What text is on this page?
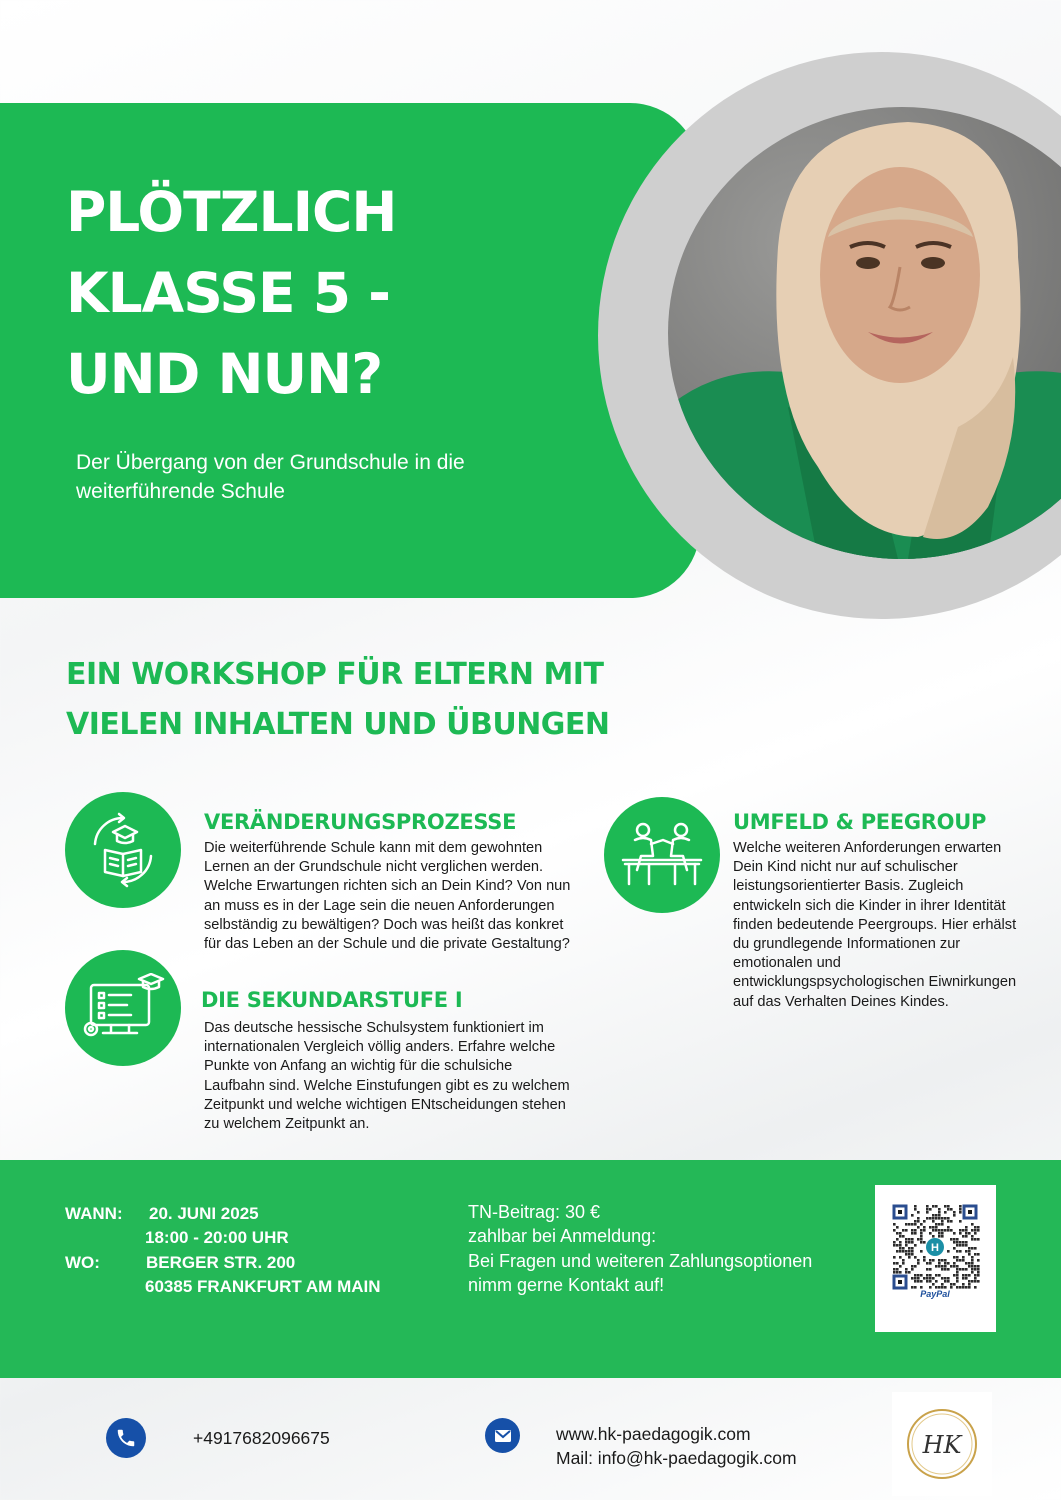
PLÖTZLICH
KLASSE 5 -
UND NUN?
Der Übergang von der Grundschule in die
weiterführende Schule
EIN WORKSHOP FÜR ELTERN MIT
VIELEN INHALTEN UND ÜBUNGEN
VERÄNDERUNGSPROZESSE
Die weiterführende Schule kann mit dem gewohnten
Lernen an der Grundschule nicht verglichen werden.
Welche Erwartungen richten sich an Dein Kind? Von nun
an muss es in der Lage sein die neuen Anforderungen
selbständig zu bewältigen? Doch was heißt das konkret
für das Leben an der Schule und die private Gestaltung?
UMFELD & PEEGROUP
Welche weiteren Anforderungen erwarten
Dein Kind nicht nur auf schulischer
leistungsorientierter Basis. Zugleich
entwickeln sich die Kinder in ihrer Identität
finden bedeutende Peergroups. Hier erhälst
du grundlegende Informationen zur
emotionalen und
entwicklungspsychologischen Eiwnirkungen
auf das Verhalten Deines Kindes.
DIE SEKUNDARSTUFE I
Das deutsche hessische Schulsystem funktioniert im
internationalen Vergleich völlig anders. Erfahre welche
Punkte von Anfang an wichtig für die schulsiche
Laufbahn sind. Welche Einstufungen gibt es zu welchem
Zeitpunkt und welche wichtigen ENtscheidungen stehen
zu welchem Zeitpunkt an.
WANN: 20. JUNI 2025
18:00 - 20:00 UHR
WO:	BERGER STR. 200
60385 FRANKFURT AM MAIN
TN-Beitrag: 30 €
zahlbar bei Anmeldung:
Bei Fragen und weiteren Zahlungsoptionen
nimm gerne Kontakt auf!
H
PayPal
+4917682096675	www.hk-paedagogik.com
Mail: info@hk-paedagogik.com	HK
